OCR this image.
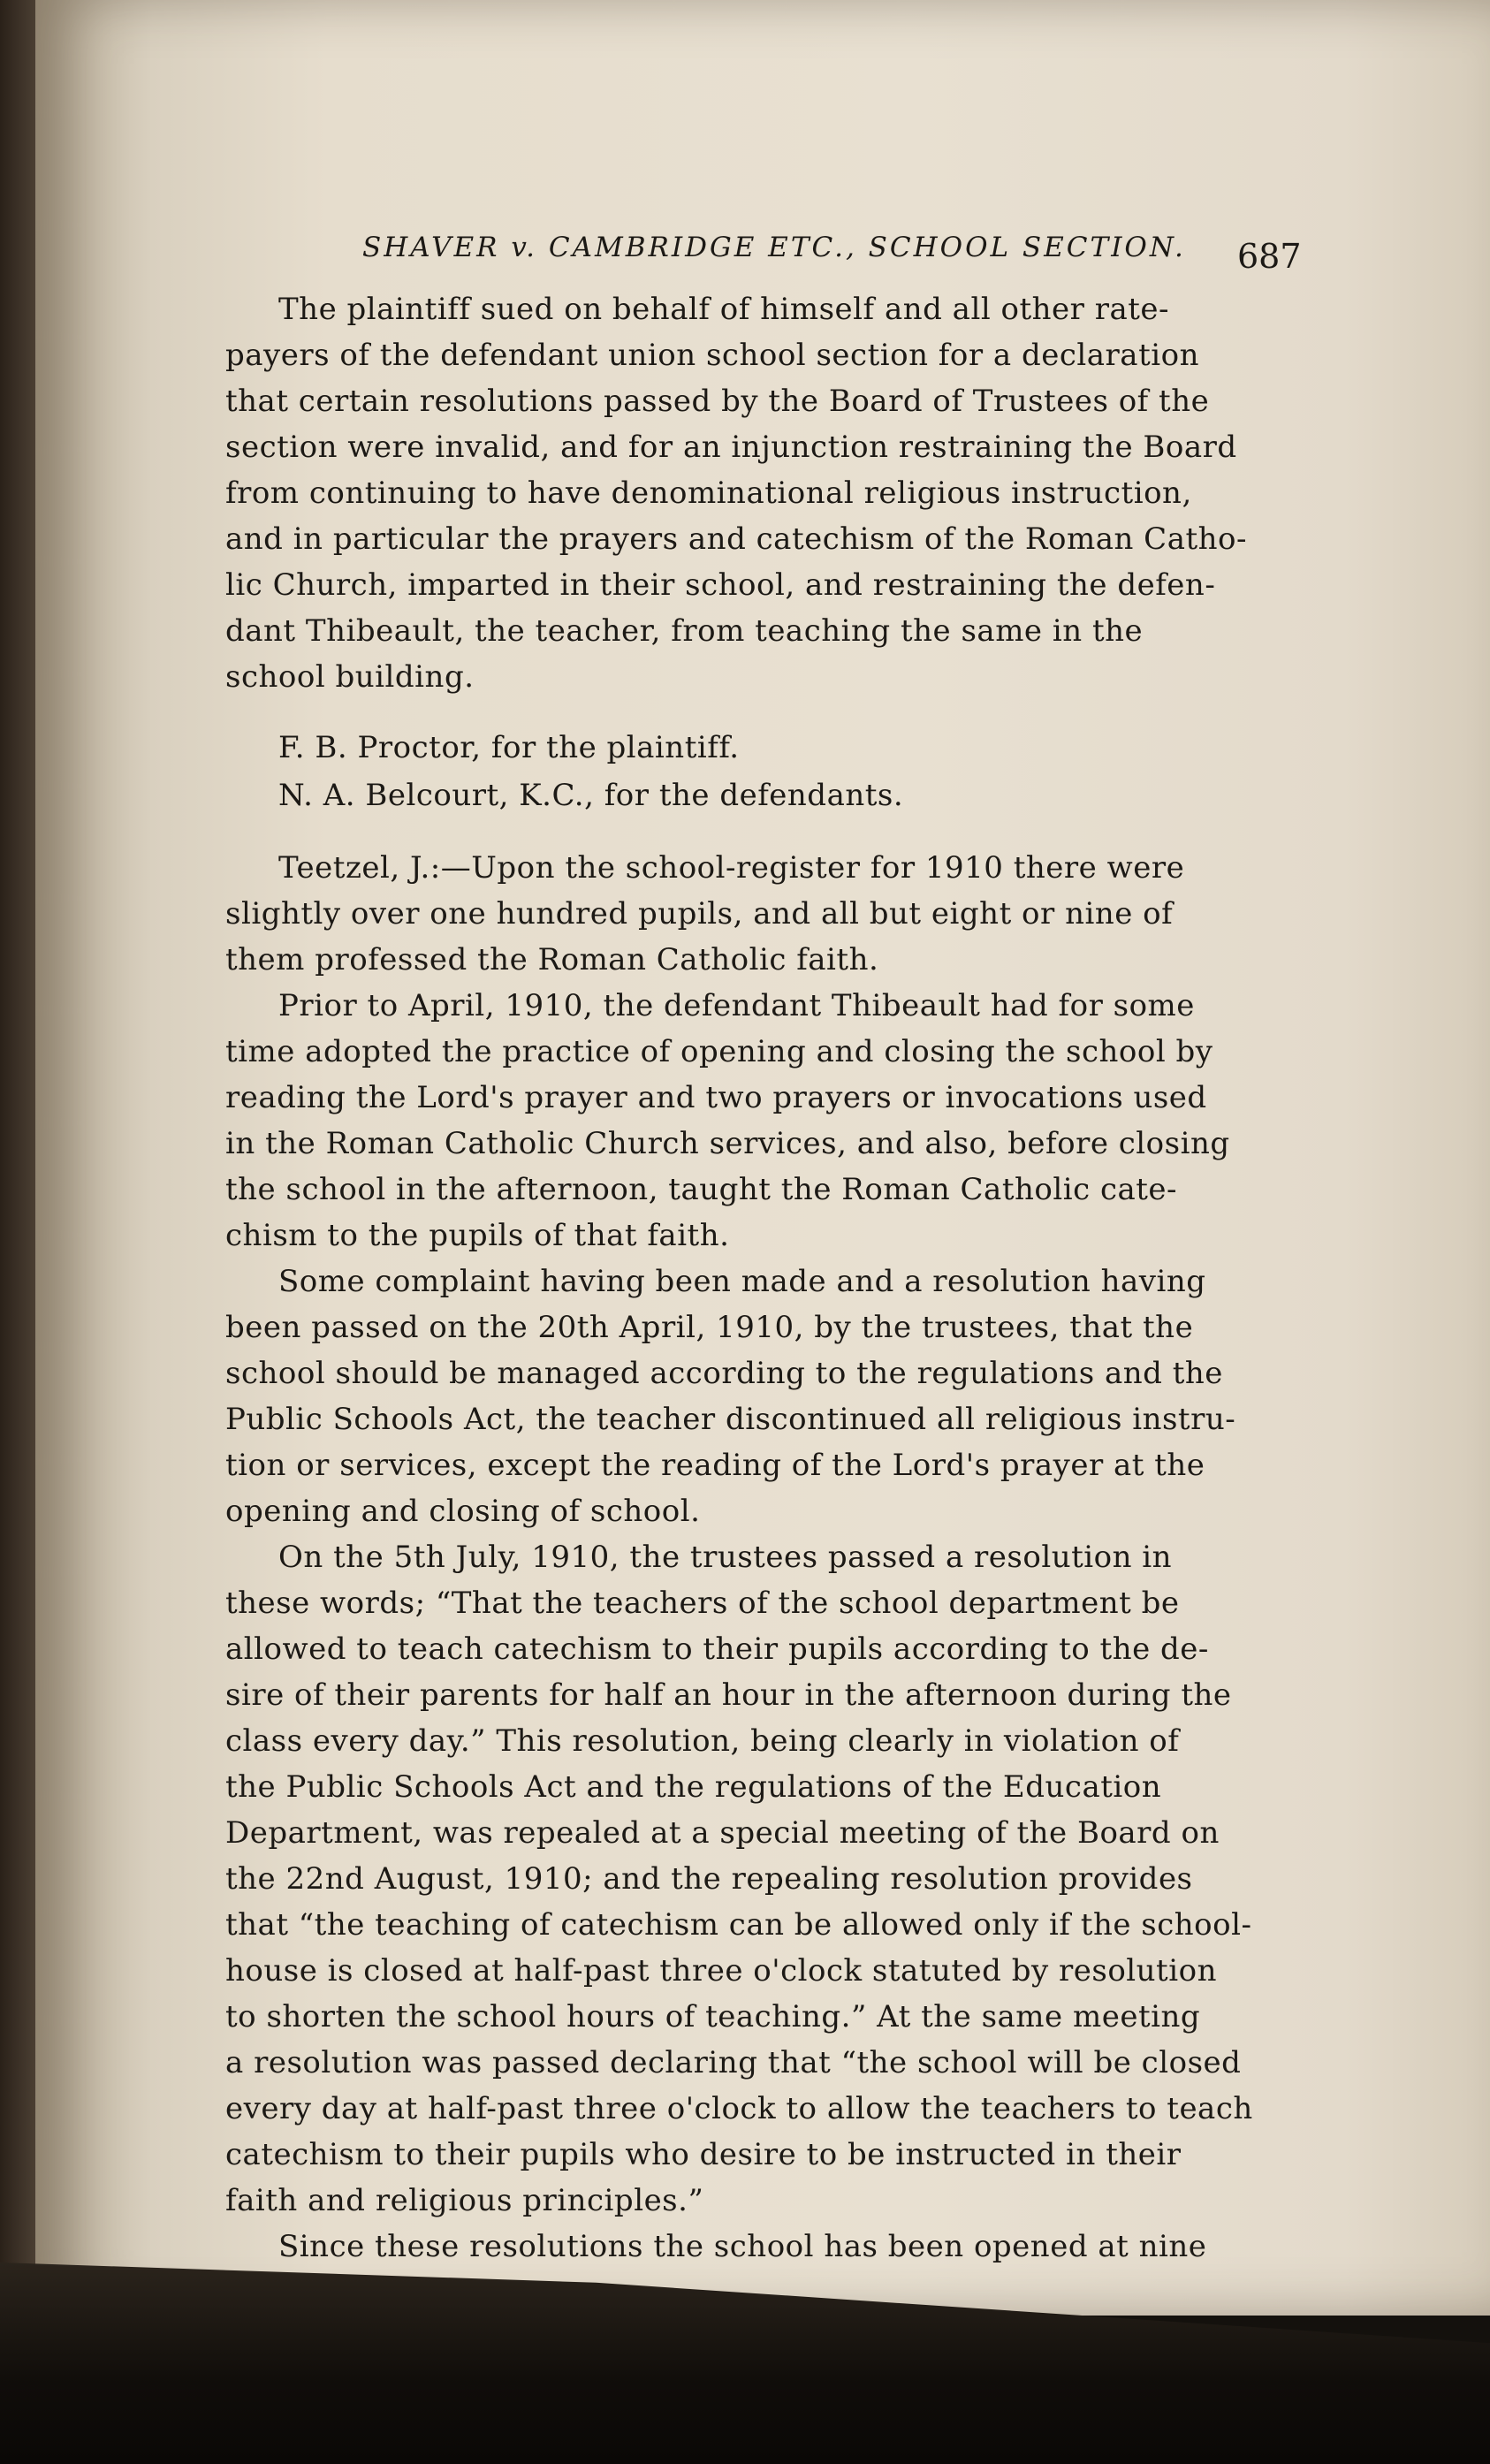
SHAVER v. CAMBRIDGE ETC., SCHOOL SECTION. 687
The plaintiff sued on behalf of himself and all other rate-
payers of the defendant union school section for a declaration
that certain resolutions passed by the Board of Trustees of the
section were invalid, and for an injunction restraining the Board
from continuing to have denominational religious instruction,
and in particular the prayers and catechism of the Roman Catho-
lic Church, imparted in their school, and restraining the defen-
dant Thibeault, the teacher, from teaching the same in the
school building.
F. B. Proctor, for the plaintiff.
N. A. Belcourt, K.C., for the defendants.
Teetzel, J.:—Upon the school-register for 1910 there were
slightly over one hundred pupils, and all but eight or nine of
them professed the Roman Catholic faith.
Prior to April, 1910, the defendant Thibeault had for some
time adopted the practice of opening and closing the school by
reading the Lord's prayer and two prayers or invocations used
in the Roman Catholic Church services, and also, before closing
the school in the afternoon, taught the Roman Catholic cate-
chism to the pupils of that faith.
Some complaint having been made and a resolution having
been passed on the 20th April, 1910, by the trustees, that the
school should be managed according to the regulations and the
Public Schools Act, the teacher discontinued all religious instru-
tion or services, except the reading of the Lord's prayer at the
opening and closing of school.
On the 5th July, 1910, the trustees passed a resolution in
these words; “That the teachers of the school department be
allowed to teach catechism to their pupils according to the de-
sire of their parents for half an hour in the afternoon during the
class every day.” This resolution, being clearly in violation of
the Public Schools Act and the regulations of the Education
Department, was repealed at a special meeting of the Board on
the 22nd August, 1910; and the repealing resolution provides
that “the teaching of catechism can be allowed only if the school-
house is closed at half-past three o'clock statuted by resolution
to shorten the school hours of teaching.” At the same meeting
a resolution was passed declaring that “the school will be closed
every day at half-past three o'clock to allow the teachers to teach
catechism to their pupils who desire to be instructed in their
faith and religious principles.”
Since these resolutions the school has been opened at nine
